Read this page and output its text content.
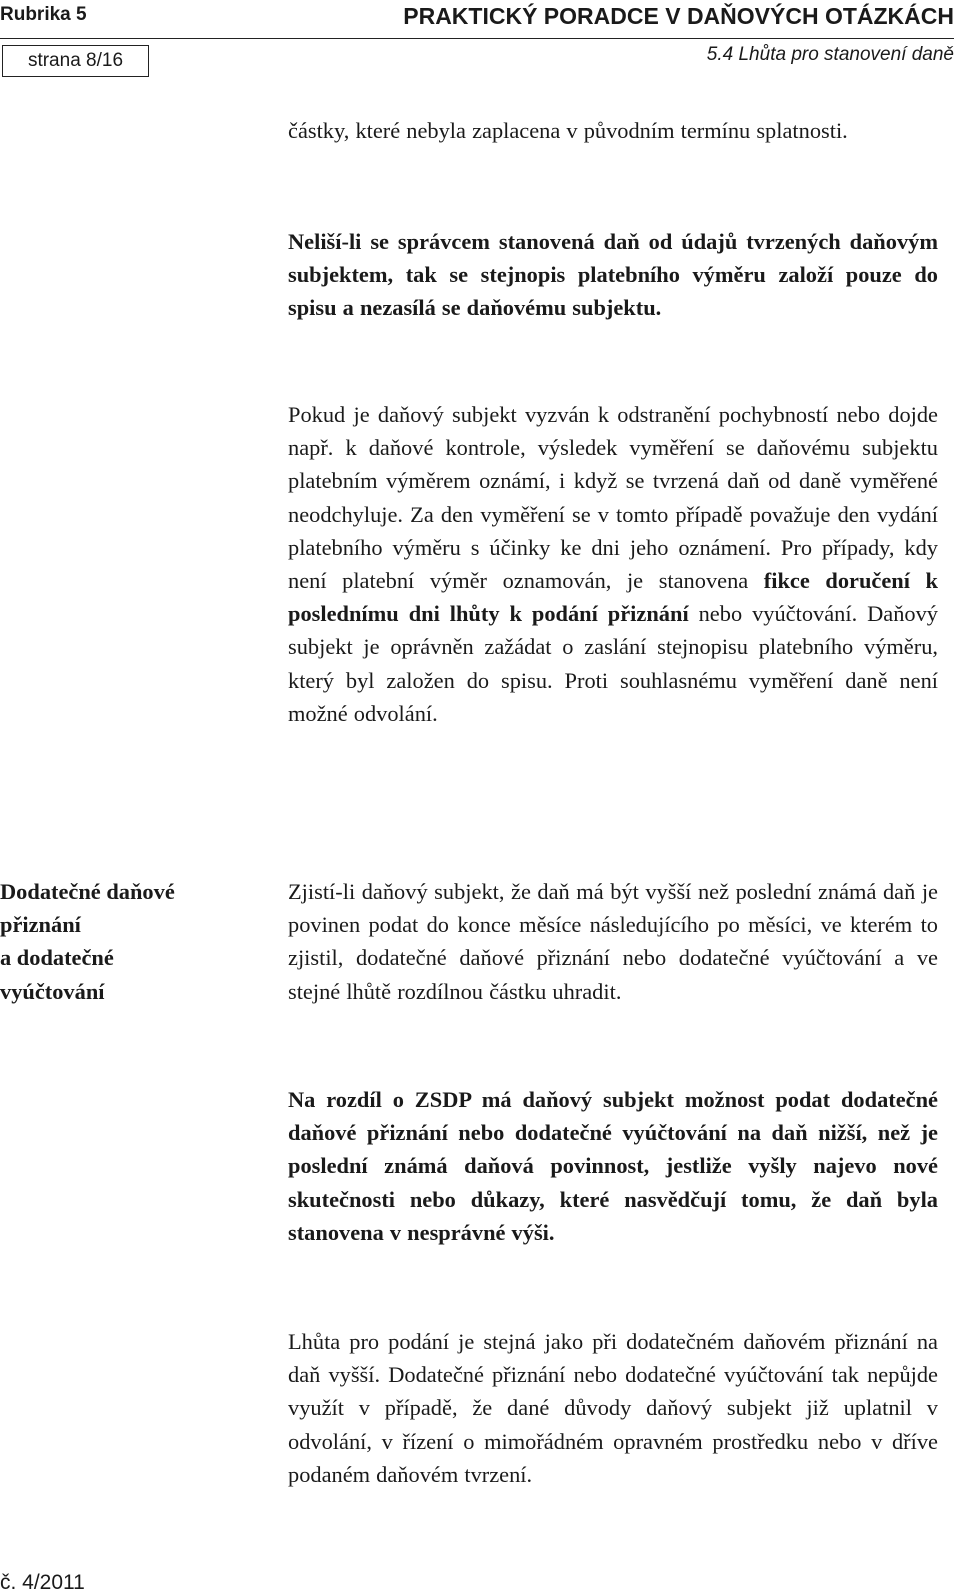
Rubrika 5	PRAKTICKÝ PORADCE V DAŇOVÝCH OTÁZKÁCH
strana 8/16	5.4 Lhůta pro stanovení daně

částky, které nebyla zaplacena v původním termínu splatnosti.

Neliší-li se správcem stanovená daň od údajů tvrzených daňovým subjektem, tak se stejnopis platebního výměru založí pouze do spisu a nezasílá se daňovému subjektu.

Pokud je daňový subjekt vyzván k odstranění pochybností nebo dojde např. k daňové kontrole, výsledek vyměření se daňovému subjektu platebním výměrem oznámí, i když se tvrzená daň od daně vyměřené neodchyluje. Za den vyměření se v tomto případě považuje den vydání platebního výměru s účinky ke dni jeho oznámení. Pro případy, kdy není platební výměr oznamován, je stanovena fikce doručení k poslednímu dni lhůty k podání přiznání nebo vyúčtování. Daňový subjekt je oprávněn zažádat o zaslání stejnopisu platebního výměru, který byl založen do spisu. Proti souhlasnému vyměření daně není možné odvolání.

Dodatečné daňové
přiznání
a dodatečné
vyúčtování

Zjistí-li daňový subjekt, že daň má být vyšší než poslední známá daň je povinen podat do konce měsíce následujícího po měsíci, ve kterém to zjistil, dodatečné daňové přiznání nebo dodatečné vyúčtování a ve stejné lhůtě rozdílnou částku uhradit.

Na rozdíl o ZSDP má daňový subjekt možnost podat dodatečné daňové přiznání nebo dodatečné vyúčtování na daň nižší, než je poslední známá daňová povinnost, jestliže vyšly najevo nové skutečnosti nebo důkazy, které nasvědčují tomu, že daň byla stanovena v nesprávné výši.

Lhůta pro podání je stejná jako při dodatečném daňovém přiznání na daň vyšší. Dodatečné přiznání nebo dodatečné vyúčtování tak nepůjde využít v případě, že dané důvody daňový subjekt již uplatnil v odvolání, v řízení o mimořádném opravném prostředku nebo v dříve podaném daňovém tvrzení.

č. 4/2011
